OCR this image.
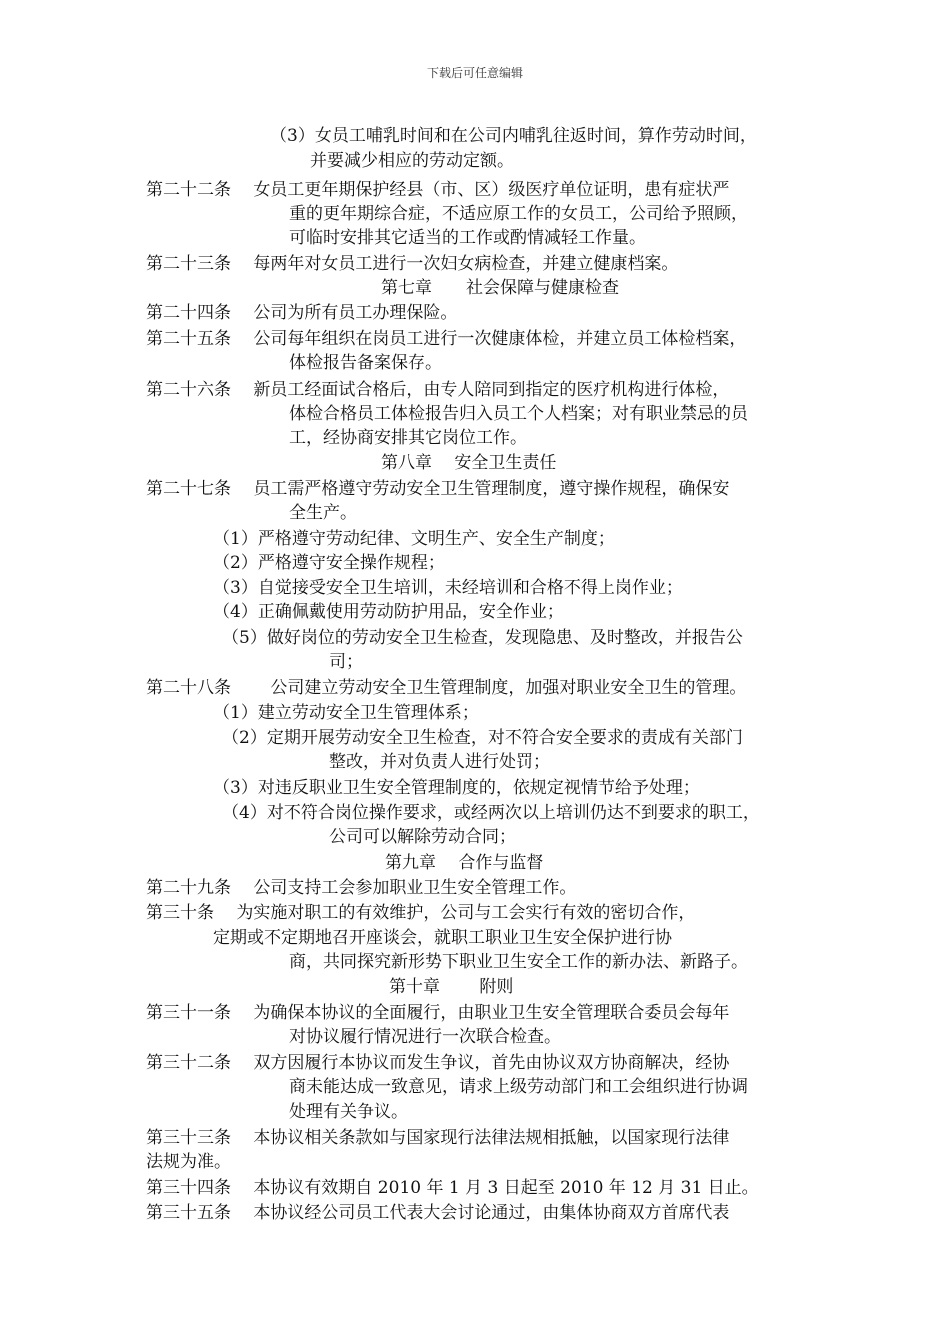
下载后可任意编辑
（3）女员工哺乳时间和在公司内哺乳往返时间，算作劳动时间，
并要减少相应的劳动定额。
第二十二条　 女员工更年期保护经县（市、区）级医疗单位证明，患有症状严
重的更年期综合症，不适应原工作的女员工，公司给予照顾，
可临时安排其它适当的工作或酌情减轻工作量。
第二十三条　 每两年对女员工进行一次妇女病检查，并建立健康档案。
第七章　　社会保障与健康检查
第二十四条　 公司为所有员工办理保险。
第二十五条　 公司每年组织在岗员工进行一次健康体检，并建立员工体检档案，
体检报告备案保存。
第二十六条　 新员工经面试合格后，由专人陪同到指定的医疗机构进行体检，
体检合格员工体检报告归入员工个人档案；对有职业禁忌的员
工，经协商安排其它岗位工作。
第八章　 安全卫生责任
第二十七条　 员工需严格遵守劳动安全卫生管理制度，遵守操作规程，确保安
全生产。
（1）严格遵守劳动纪律、文明生产、安全生产制度；
（2）严格遵守安全操作规程；
（3）自觉接受安全卫生培训，未经培训和合格不得上岗作业；
（4）正确佩戴使用劳动防护用品，安全作业；
（5）做好岗位的劳动安全卫生检查，发现隐患、及时整改，并报告公
司；
第二十八条　　 公司建立劳动安全卫生管理制度，加强对职业安全卫生的管理。
（1）建立劳动安全卫生管理体系；
（2）定期开展劳动安全卫生检查，对不符合安全要求的责成有关部门
整改，并对负责人进行处罚；
（3）对违反职业卫生安全管理制度的，依规定视情节给予处理；
（4）对不符合岗位操作要求，或经两次以上培训仍达不到要求的职工，
公司可以解除劳动合同；
第九章　 合作与监督
第二十九条　 公司支持工会参加职业卫生安全管理工作。
第三十条　 为实施对职工的有效维护，公司与工会实行有效的密切合作，
定期或不定期地召开座谈会，就职工职业卫生安全保护进行协
商，共同探究新形势下职业卫生安全工作的新办法、新路子。
第十章　　 附则
第三十一条　 为确保本协议的全面履行，由职业卫生安全管理联合委员会每年
对协议履行情况进行一次联合检查。
第三十二条　 双方因履行本协议而发生争议，首先由协议双方协商解决，经协
商未能达成一致意见，请求上级劳动部门和工会组织进行协调
处理有关争议。
第三十三条　 本协议相关条款如与国家现行法律法规相抵触，以国家现行法律
法规为准。
第三十四条　 本协议有效期自 2010 年 1 月 3 日起至 2010 年 12 月 31 日止。
第三十五条　 本协议经公司员工代表大会讨论通过，由集体协商双方首席代表
